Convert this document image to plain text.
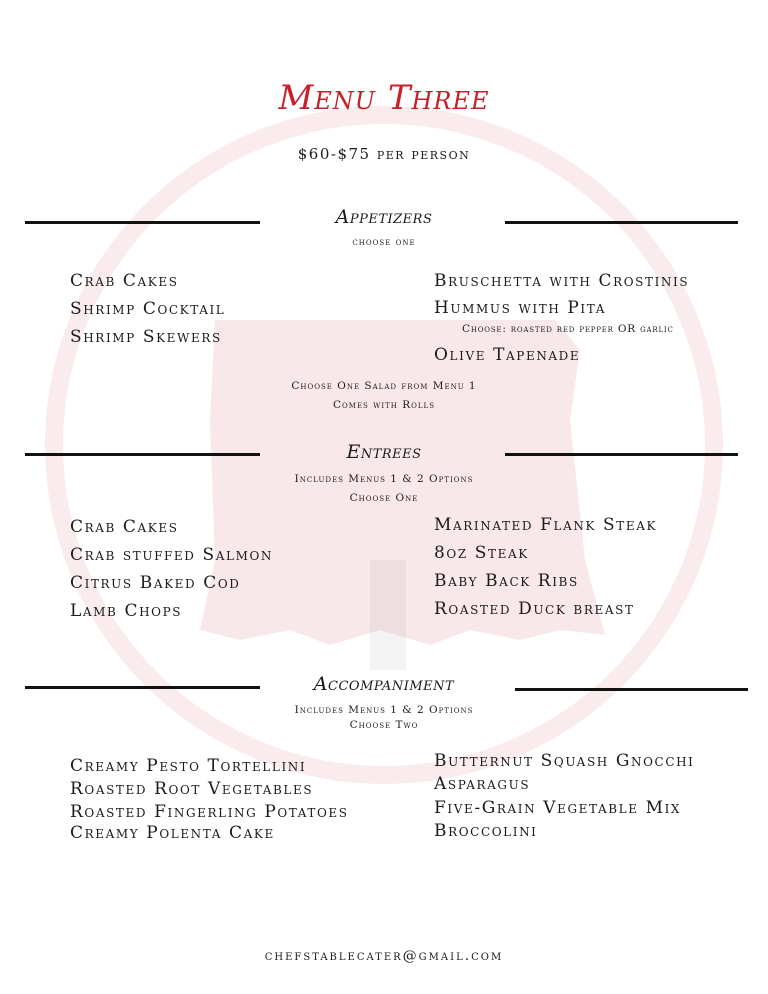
Menu Three
$60-$75 per person
Appetizers
choose one
Crab Cakes
Shrimp Cocktail
Shrimp Skewers
Bruschetta with Crostinis
Hummus with Pita
Choose: roasted red pepper OR garlic
Olive Tapenade
Choose One Salad from Menu 1
Comes with Rolls
Entrees
Includes Menus 1 & 2 Options
Choose One
Crab Cakes
Crab stuffed Salmon
Citrus Baked Cod
Lamb Chops
Marinated Flank Steak
8oz Steak
Baby Back Ribs
Roasted Duck breast
Accompaniment
Includes Menus 1 & 2 Options
Choose Two
Creamy Pesto Tortellini
Roasted Root Vegetables
Roasted Fingerling Potatoes
Creamy Polenta Cake
Butternut Squash Gnocchi
Asparagus
Five-Grain Vegetable Mix
Broccolini
chefstablecater@gmail.com
